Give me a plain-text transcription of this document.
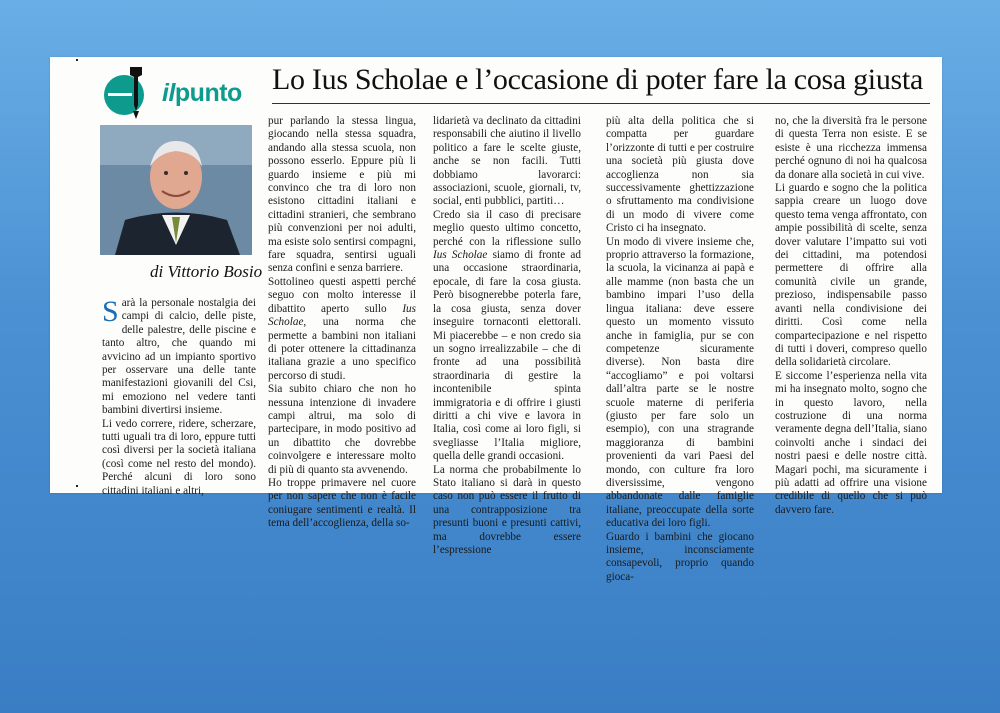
ilpunto Lo Ius Scholae e l’occasione di poter fare la cosa giusta
di Vittorio Bosio

Sarà la personale nostalgia dei campi di calcio, delle piste, delle palestre, delle piscine e tanto altro, che quando mi avvicino ad un impianto sportivo per osservare una delle tante manifestazioni giovanili del Csi, mi emoziono nel vedere tanti bambini divertirsi insieme.

Li vedo correre, ridere, scherzare, tutti uguali tra di loro, eppure tutti così diversi per la società italiana (così come nel resto del mondo). Perché alcuni di loro sono cittadini italiani e altri,

pur parlando la stessa lingua, giocando nella stessa squadra, andando alla stessa scuola, non possono esserlo. Eppure più li guardo insieme e più mi convinco che tra di loro non esistono cittadini italiani e cittadini stranieri, che sembrano più convenzioni per noi adulti, ma esiste solo sentirsi compagni, fare squadra, sentirsi uguali senza confini e senza barriere.

Sottolineo questi aspetti perché seguo con molto interesse il dibattito aperto sullo Ius Scholae, una norma che permette a bambini non italiani di poter ottenere la cittadinanza italiana grazie a uno specifico percorso di studi.

Sia subito chiaro che non ho nessuna intenzione di invadere campi altrui, ma solo di partecipare, in modo positivo ad un dibattito che dovrebbe coinvolgere e interessare molto di più di quanto sta avvenendo.

Ho troppe primavere nel cuore per non sapere che non è facile coniugare sentimenti e realtà. Il tema dell’accoglienza, della so-

lidarietà va declinato da cittadini responsabili che aiutino il livello politico a fare le scelte giuste, anche se non facili. Tutti dobbiamo lavorarci: associazioni, scuole, giornali, tv, social, enti pubblici, partiti…

Credo sia il caso di precisare meglio questo ultimo concetto, perché con la riflessione sullo Ius Scholae siamo di fronte ad una occasione straordinaria, epocale, di fare la cosa giusta. Però bisognerebbe poterla fare, la cosa giusta, senza dover inseguire tornaconti elettorali. Mi piacerebbe – e non credo sia un sogno irrealizzabile – che di fronte ad una possibilità straordinaria di gestire la incontenibile spinta immigratoria e di offrire i giusti diritti a chi vive e lavora in Italia, così come ai loro figli, si svegliasse l’Italia migliore, quella delle grandi occasioni.

La norma che probabilmente lo Stato italiano si darà in questo caso non può essere il frutto di una contrapposizione tra presunti buoni e presunti cattivi, ma dovrebbe essere l’espressione

più alta della politica che si compatta per guardare l’orizzonte di tutti e per costruire una società più giusta dove accoglienza non sia successivamente ghettizzazione o sfruttamento ma condivisione di un modo di vivere come Cristo ci ha insegnato.

Un modo di vivere insieme che, proprio attraverso la formazione, la scuola, la vicinanza ai papà e alle mamme (non basta che un bambino impari l’uso della lingua italiana: deve essere questo un momento vissuto anche in famiglia, pur se con competenze sicuramente diverse). Non basta dire “accogliamo” e poi voltarsi dall’altra parte se le nostre scuole materne di periferia (giusto per fare solo un esempio), con una stragrande maggioranza di bambini provenienti da vari Paesi del mondo, con culture fra loro diversissime, vengono abbandonate dalle famiglie italiane, preoccupate della sorte educativa dei loro figli.

Guardo i bambini che giocano insieme, inconsciamente consapevoli, proprio quando gioca-

no, che la diversità fra le persone di questa Terra non esiste. E se esiste è una ricchezza immensa perché ognuno di noi ha qualcosa da donare alla società in cui vive.

Li guardo e sogno che la politica sappia creare un luogo dove questo tema venga affrontato, con ampie possibilità di scelte, senza dover valutare l’impatto sui voti dei cittadini, ma potendosi permettere di offrire alla comunità civile un grande, prezioso, indispensabile passo avanti nella condivisione dei diritti. Così come nella compartecipazione e nel rispetto di tutti i doveri, compreso quello della solidarietà circolare.

E siccome l’esperienza nella vita mi ha insegnato molto, sogno che in questo lavoro, nella costruzione di una norma veramente degna dell’Italia, siano coinvolti anche i sindaci dei nostri paesi e delle nostre città. Magari pochi, ma sicuramente i più adatti ad offrire una visione credibile di quello che si può davvero fare.
